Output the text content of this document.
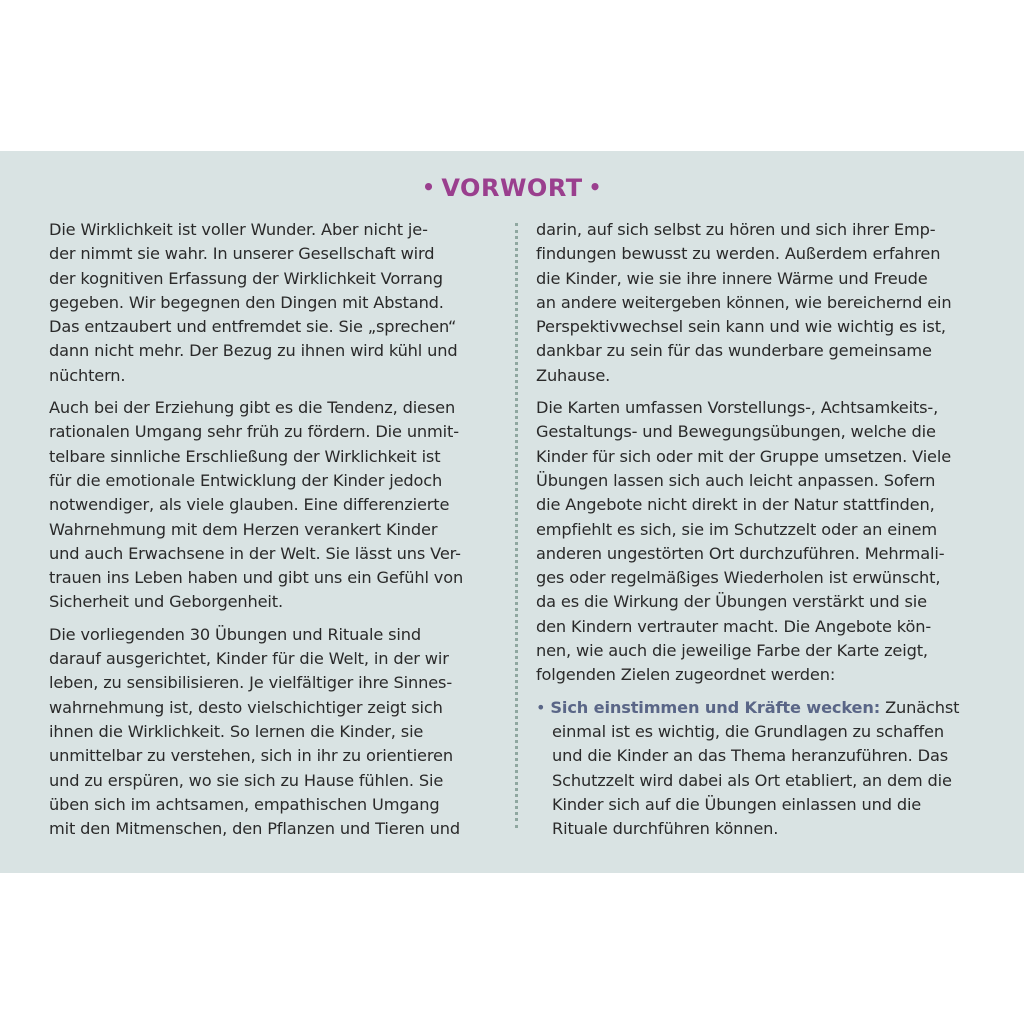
• VORWORT •
Die Wirklichkeit ist voller Wunder. Aber nicht je-
der nimmt sie wahr. In unserer Gesellschaft wird
der kognitiven Erfassung der Wirklichkeit Vorrang
gegeben. Wir begegnen den Dingen mit Abstand.
Das entzaubert und entfremdet sie. Sie „sprechen“
dann nicht mehr. Der Bezug zu ihnen wird kühl und
nüchtern.
Auch bei der Erziehung gibt es die Tendenz, diesen
rationalen Umgang sehr früh zu fördern. Die unmit-
telbare sinnliche Erschließung der Wirklichkeit ist
für die emotionale Entwicklung der Kinder jedoch
notwendiger, als viele glauben. Eine differenzierte
Wahrnehmung mit dem Herzen verankert Kinder
und auch Erwachsene in der Welt. Sie lässt uns Ver-
trauen ins Leben haben und gibt uns ein Gefühl von
Sicherheit und Geborgenheit.
Die vorliegenden 30 Übungen und Rituale sind
darauf ausgerichtet, Kinder für die Welt, in der wir
leben, zu sensibilisieren. Je vielfältiger ihre Sinnes-
wahrnehmung ist, desto vielschichtiger zeigt sich
ihnen die Wirklichkeit. So lernen die Kinder, sie
unmittelbar zu verstehen, sich in ihr zu orientieren
und zu erspüren, wo sie sich zu Hause fühlen. Sie
üben sich im achtsamen, empathischen Umgang
mit den Mitmenschen, den Pflanzen und Tieren und
darin, auf sich selbst zu hören und sich ihrer Emp-
findungen bewusst zu werden. Außerdem erfahren
die Kinder, wie sie ihre innere Wärme und Freude
an andere weitergeben können, wie bereichernd ein
Perspektivwechsel sein kann und wie wichtig es ist,
dankbar zu sein für das wunderbare gemeinsame
Zuhause.
Die Karten umfassen Vorstellungs-, Achtsamkeits-,
Gestaltungs- und Bewegungsübungen, welche die
Kinder für sich oder mit der Gruppe umsetzen. Viele
Übungen lassen sich auch leicht anpassen. Sofern
die Angebote nicht direkt in der Natur stattfinden,
empfiehlt es sich, sie im Schutzzelt oder an einem
anderen ungestörten Ort durchzuführen. Mehrmali-
ges oder regelmäßiges Wiederholen ist erwünscht,
da es die Wirkung der Übungen verstärkt und sie
den Kindern vertrauter macht. Die Angebote kön-
nen, wie auch die jeweilige Farbe der Karte zeigt,
folgenden Zielen zugeordnet werden:
• Sich einstimmen und Kräfte wecken: Zunächst
einmal ist es wichtig, die Grundlagen zu schaffen
und die Kinder an das Thema heranzuführen. Das
Schutzzelt wird dabei als Ort etabliert, an dem die
Kinder sich auf die Übungen einlassen und die
Rituale durchführen können.
